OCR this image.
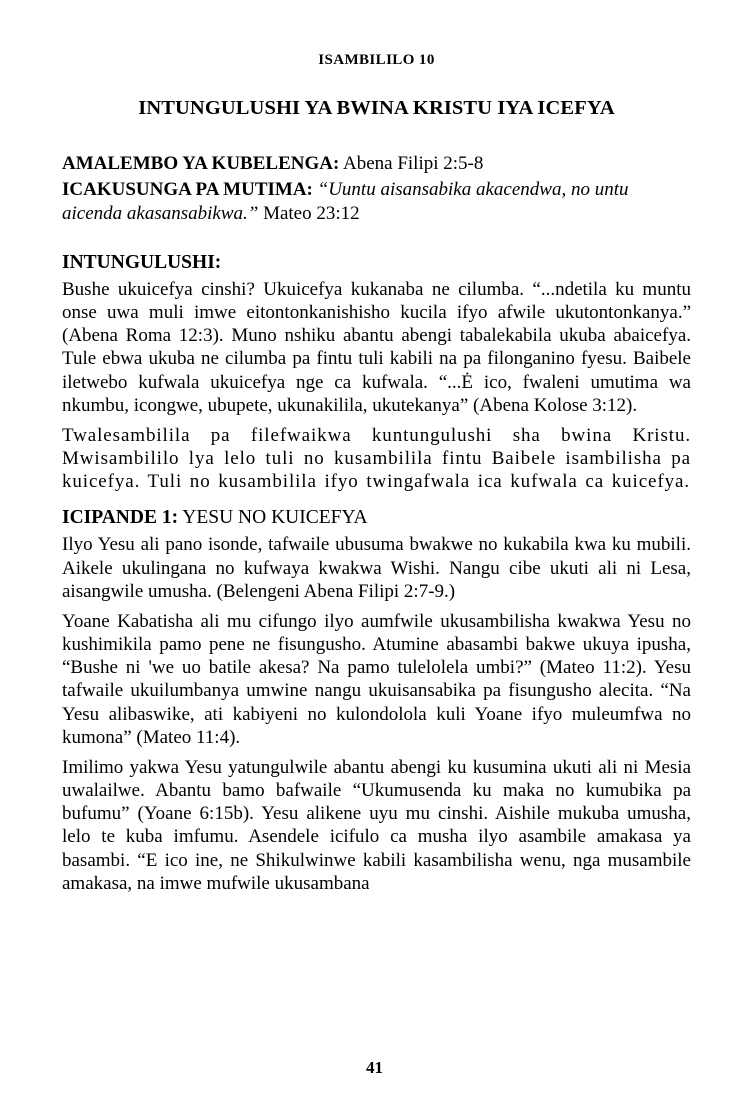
ISAMBILILO 10
INTUNGULUSHI YA BWINA KRISTU IYA ICEFYA
AMALEMBO YA KUBELENGA: Abena Filipi 2:5-8
ICAKUSUNGA PA MUTIMA: “Uuntu aisansabika akacendwa, no untu aicenda akasansabikwa.” Mateo 23:12
INTUNGULUSHI:

Bushe ukuicefya cinshi? Ukuicefya kukanaba ne cilumba. “...ndetila ku muntu onse uwa muli imwe eitontonkanishisho kucila ifyo afwile ukutontonkanya.” (Abena Roma 12:3). Muno nshiku abantu abengi tabalekabila ukuba abaicefya. Tule ebwa ukuba ne cilumba pa fintu tuli kabili na pa filonganino fyesu. Baibele iletwebo kufwala ukuicefya nge ca kufwala. “...Ė ico, fwaleni umutima wa nkumbu, icongwe, ubupete, ukunakilila, ukutekanya” (Abena Kolose 3:12).

Twalesambilila pa filefwaikwa kuntungulushi sha bwina Kristu. Mwisambililo lya lelo tuli no kusambilila fintu Baibele isambilisha pa kuicefya. Tuli no kusambilila ifyo twingafwala ica kufwala ca kuicefya.

ICIPANDE 1: YESU NO KUICEFYA

Ilyo Yesu ali pano isonde, tafwaile ubusuma bwakwe no kukabila kwa ku mubili. Aikele ukulingana no kufwaya kwakwa Wishi. Nangu cibe ukuti ali ni Lesa, aisangwile umusha. (Belengeni Abena Filipi 2:7-9.)

Yoane Kabatisha ali mu cifungo ilyo aumfwile ukusambilisha kwakwa Yesu no kushimikila pamo pene ne fisungusho. Atumine abasambi bakwe ukuya ipusha, “Bushe ni 'we uo batile akesa? Na pamo tulelolela umbi?” (Mateo 11:2). Yesu tafwaile ukuilumbanya umwine nangu ukuisansabika pa fisungusho alecita. “Na Yesu alibaswike, ati kabiyeni no kulondolola kuli Yoane ifyo muleumfwa no kumona” (Mateo 11:4).

Imilimo yakwa Yesu yatungulwile abantu abengi ku kusumina ukuti ali ni Mesia uwalailwe. Abantu bamo bafwaile “Ukumusenda ku maka no kumubika pa bufumu” (Yoane 6:15b). Yesu alikene uyu mu cinshi. Aishile mukuba umusha, lelo te kuba imfumu. Asendele icifulo ca musha ilyo asambile amakasa ya basambi. “E ico ine, ne Shikulwinwe kabili kasambilisha wenu, nga musambile amakasa, na imwe mufwile ukusambana

41
